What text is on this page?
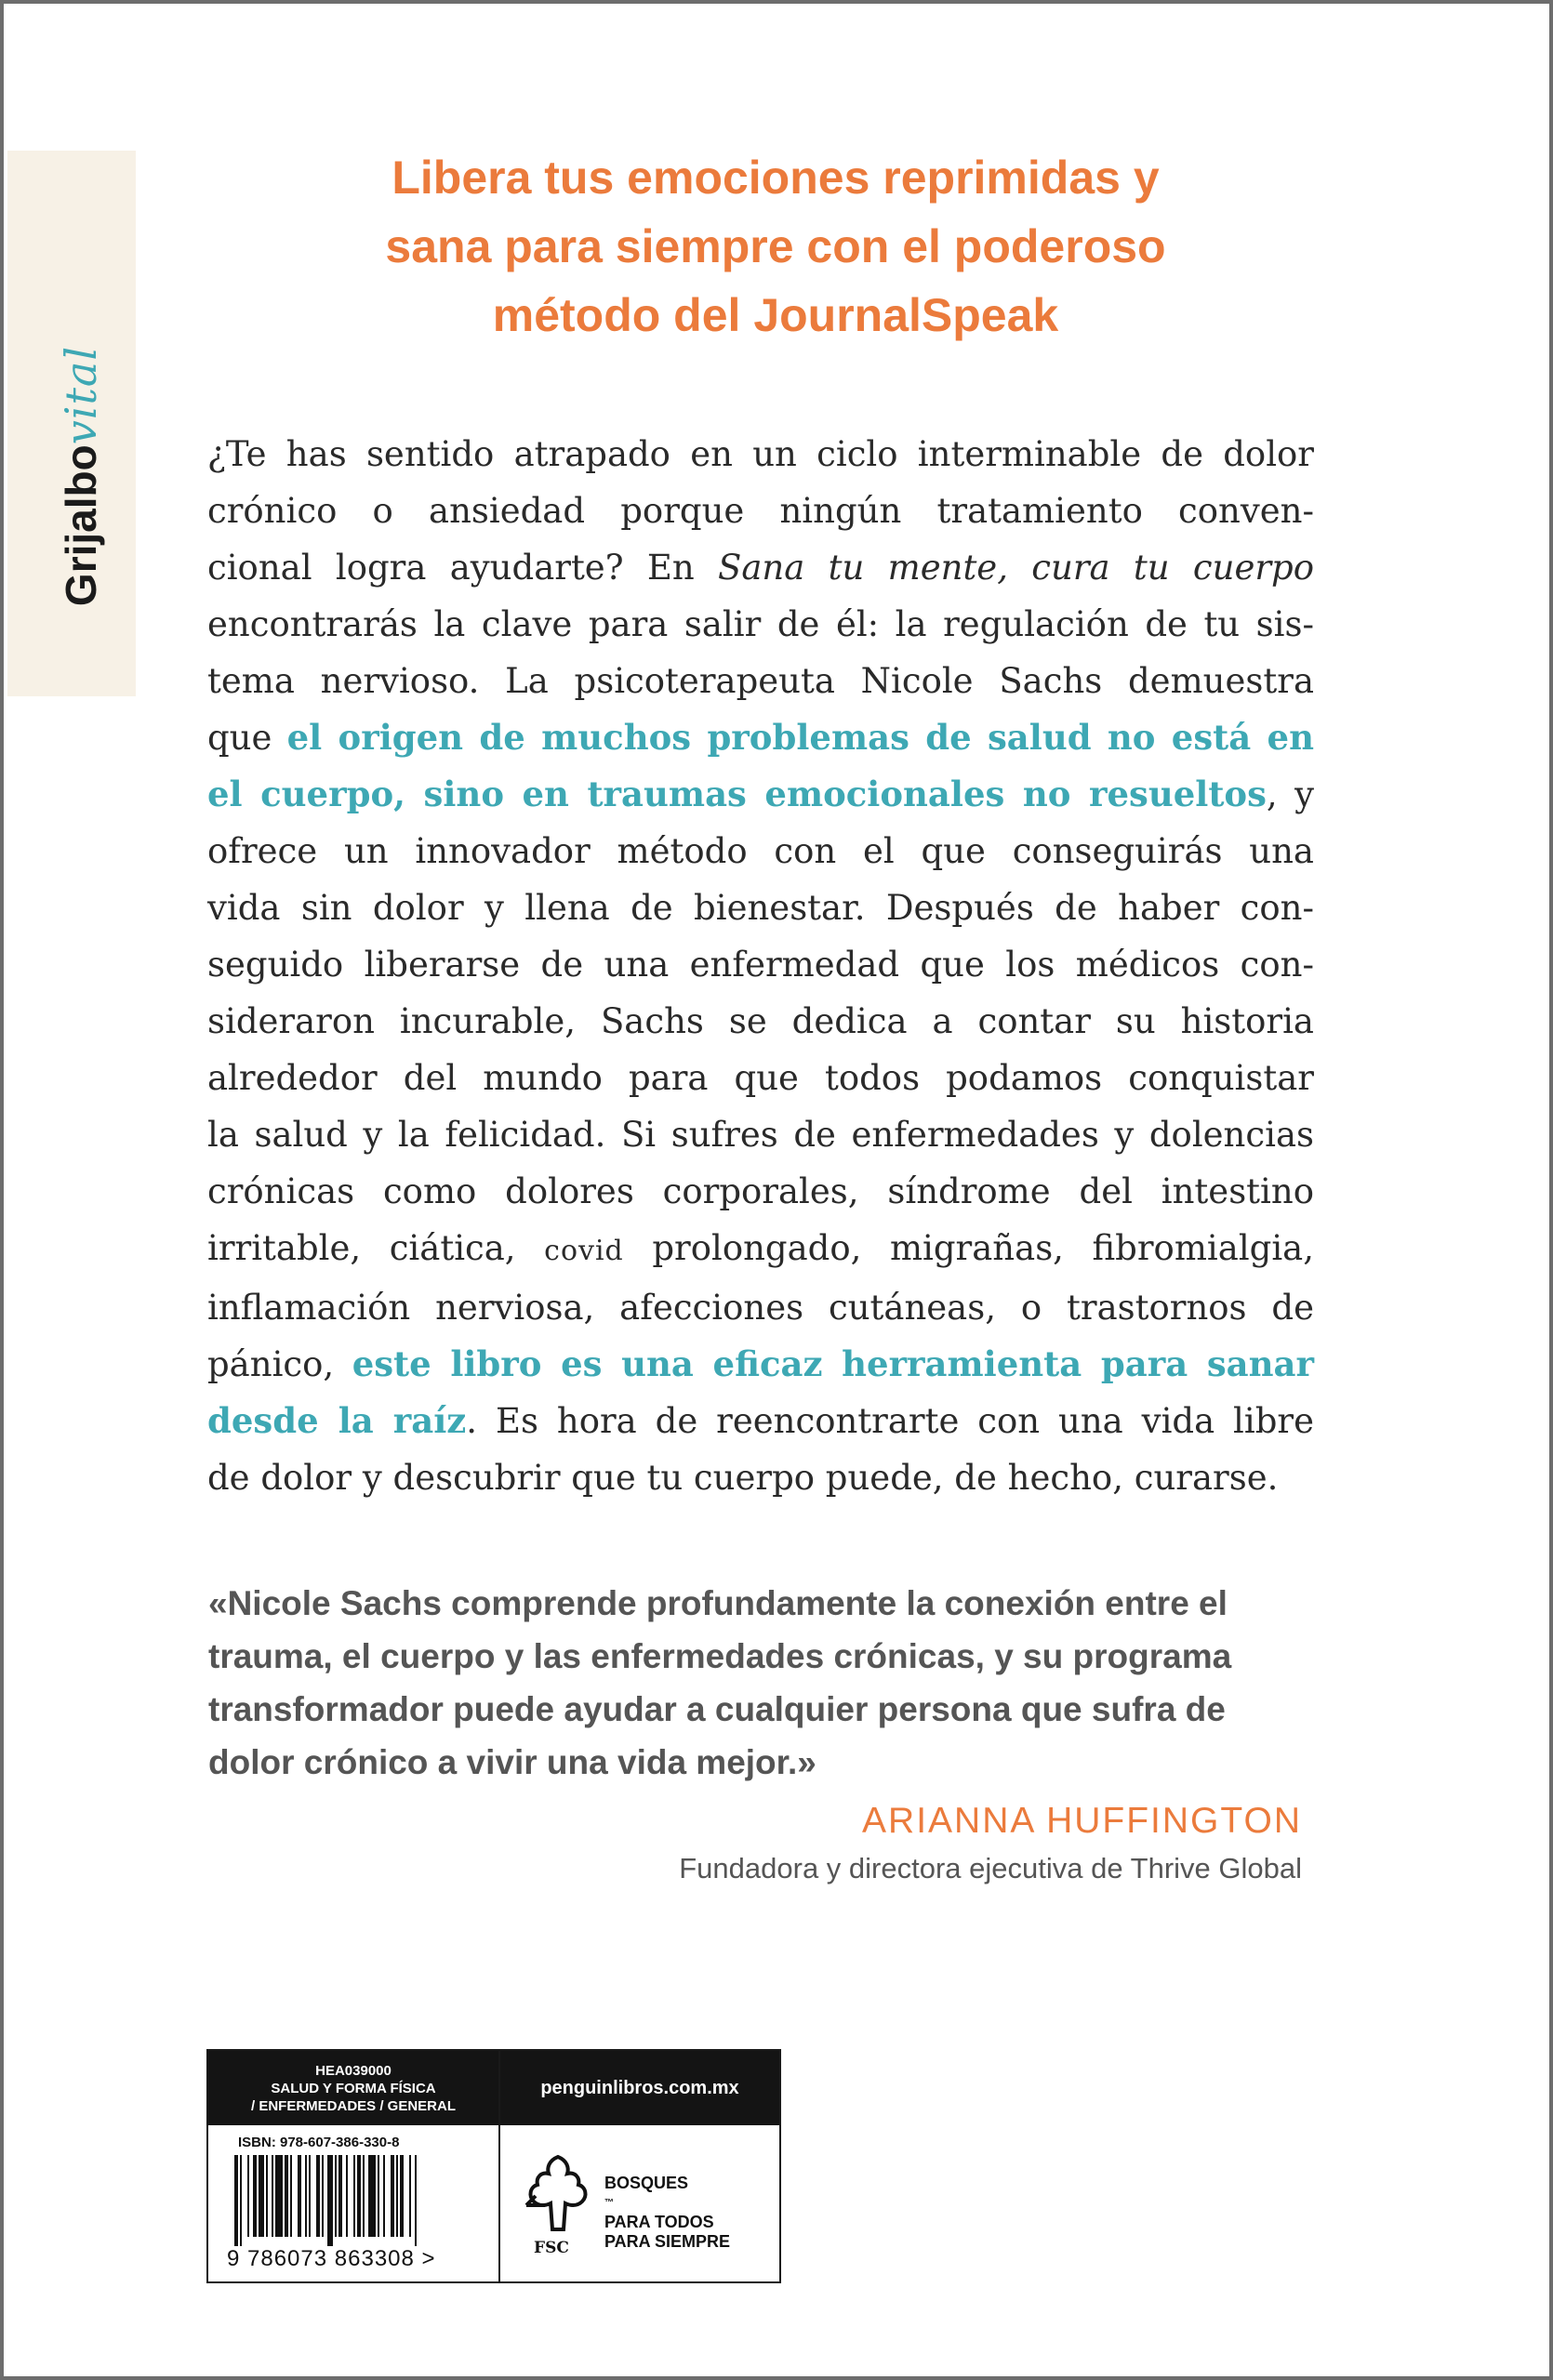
Grijalbovital
Libera tus emociones reprimidas y
sana para siempre con el poderoso
método del JournalSpeak
¿Te has sentido atrapado en un ciclo interminable de dolor
crónico o ansiedad porque ningún tratamiento conven-
cional logra ayudarte? En Sana tu mente, cura tu cuerpo
encontrarás la clave para salir de él: la regulación de tu sis-
tema nervioso. La psicoterapeuta Nicole Sachs demuestra
que el origen de muchos problemas de salud no está en
el cuerpo, sino en traumas emocionales no resueltos, y
ofrece un innovador método con el que conseguirás una
vida sin dolor y llena de bienestar. Después de haber con-
seguido liberarse de una enfermedad que los médicos con-
sideraron incurable, Sachs se dedica a contar su historia
alrededor del mundo para que todos podamos conquistar
la salud y la felicidad. Si sufres de enfermedades y dolencias
crónicas como dolores corporales, síndrome del intestino
irritable, ciática, covid prolongado, migrañas, fibromialgia,
inflamación nerviosa, afecciones cutáneas, o trastornos de
pánico, este libro es una eficaz herramienta para sanar
desde la raíz. Es hora de reencontrarte con una vida libre
de dolor y descubrir que tu cuerpo puede, de hecho, curarse.
«Nicole Sachs comprende profundamente la conexión entre el
trauma, el cuerpo y las enfermedades crónicas, y su programa
transformador puede ayudar a cualquier persona que sufra de
dolor crónico a vivir una vida mejor.»
ARIANNA HUFFINGTON
Fundadora y directora ejecutiva de Thrive Global
HEA039000
SALUD Y FORMA FÍSICA
/ ENFERMEDADES / GENERAL
ISBN: 978-607-386-330-8
9 786073 863308 >
penguinlibros.com.mx
FSC
BOSQUES
™
PARA TODOS
PARA SIEMPRE
